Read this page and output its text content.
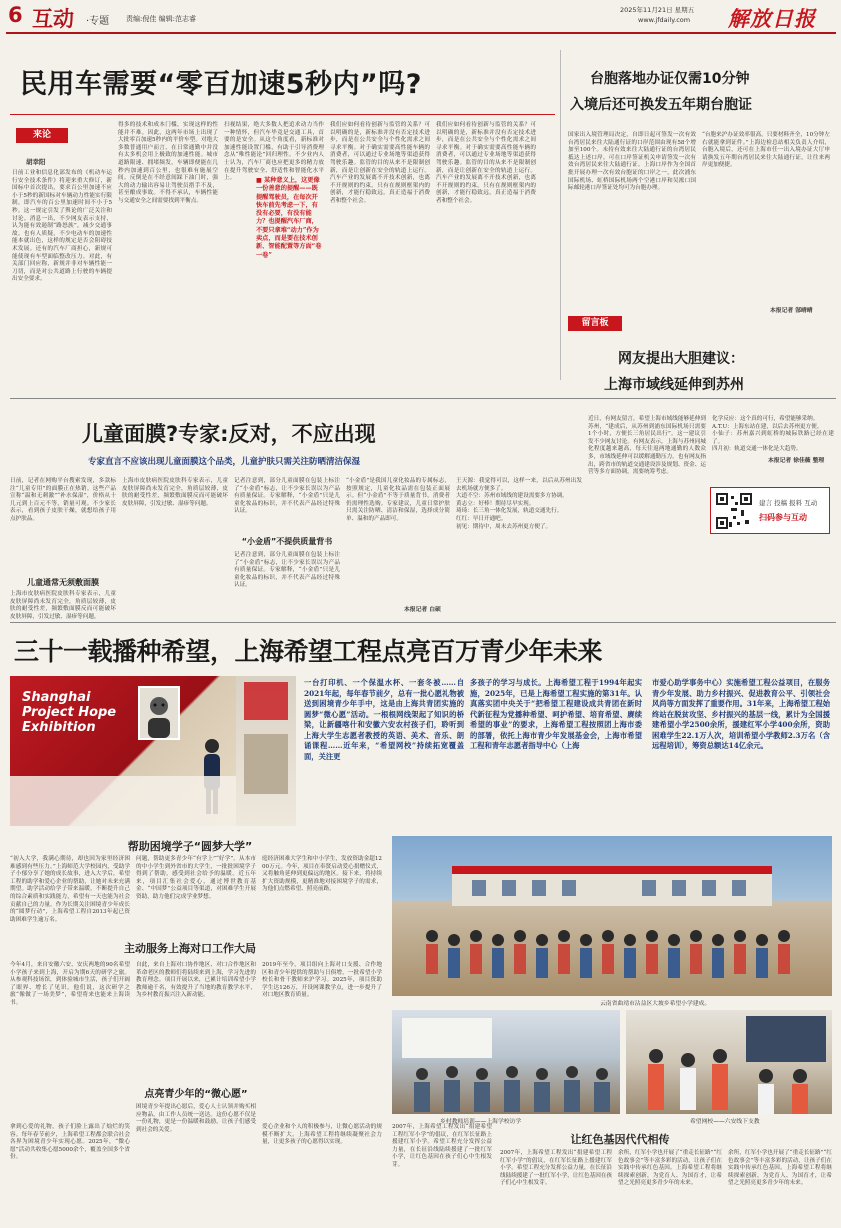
6 互动 ·专题 责编:倪佳 编辑:范志睿
2025年11月21日 星期五
www.jfdaily.com 解放日报
民用车需要“零百加速5秒内”吗?
来论
胡幸阳
日前工业和信息化部发布的《机动车运行安全技术条件》将迎来重大修订，新国标中首次提出，要求百公里加速不应小于5秒的新国标对车辆动力性能实行限制，即汽车的百公里加速时间不小于5秒。这一规定引发了舆论的广泛关注和讨论。消息一出，不少网友表示支持，认为能有效遏制“路怒族”，减少交通事故。也有人质疑，不少电动车的加速性能本就出色，这样的规定是否会阻碍技术发展。还有的汽车厂商担心，新规可能使现有车型面临整改压力。对此，有关部门回应称，新规并非对车辆性能一刀切，而是对公共道路上行驶的车辆提出安全要求。
得多的技术和成本门槛，实现这样的性能并不难。因此，这两年市场上出现了大批零百加速5秒内的平价车型。对绝大多数普通用户而言，在日常通勤中并没有太多机会用上极致的加速性能。城市道路限速、拥堵频发，车辆即便能在几秒内加速到百公里，也很难有施展空间。反倒是在不经意间踩下油门时，强大的动力输出容易让驾驶员措手不及，甚至酿成事故。不得不承认，车辆性能与交通安全之间需要找到平衡点。
扫视结果，绝大多数人把追求动力当作一种情怀，但汽车毕竟是交通工具，首要的是安全。从这个角度看，新标准对加速性能设置门槛，有助于引导消费理念从“唯性能论”回归理性。不少业内人士认为，汽车厂商也应把更多的精力放在提升驾驶安全、舒适性和智能化水平上。	■ 某种意义上，这更像一份善意的提醒——既提醒驾驶员，在每次开快车前先考虑一下，有没有必要，有没有能力？也提醒汽车厂商，不要只拿堆“动力”作为卖点，而是要在技术创新、智能配置等方面“卷一卷”
我们应如何看待创新与监管的关系？可以明确的是，新标准并没有否定技术进步，而是在公共安全与个性化需求之间寻求平衡。对于确实需要高性能车辆的消费者，可以通过专业场地等渠道获得驾驶乐趣。监管的目的从来不是限制创新，而是让创新在安全的轨道上运行。汽车产业的发展离不开技术创新，也离不开规则的约束。只有在规则框架内的创新，才能行稳致远，真正造福于消费者和整个社会。
我们应如何看待创新与监管的关系？可以明确的是，新标准并没有否定技术进步，而是在公共安全与个性化需求之间寻求平衡。对于确实需要高性能车辆的消费者，可以通过专业场地等渠道获得驾驶乐趣。监管的目的从来不是限制创新，而是让创新在安全的轨道上运行。汽车产业的发展离不开技术创新，也离不开规则的约束。只有在规则框架内的创新，才能行稳致远，真正造福于消费者和整个社会。
台胞落地办证仅需10分钟
入境后还可换发五年期台胞证
国家出入境管理局决定，自即日起可签发一次有效台湾居民来往大陆通行证的口岸范围由现有58个增加至100个。未持有效来往大陆通行证的台湾居民抵达上述口岸，可在口岸签证机关申请签发一次有效台湾居民来往大陆通行证。上海口岸作为全国首批开展办理一次有效台胞证的口岸之一，此次浦东国际机场、虹桥国际机场两个空港口岸和吴淞口国际邮轮港口岸签证处均可为台胞办理。
“台胞来沪办证效率很高，只要材料齐全，10分钟左右就能拿到证件。”上海边检总站相关负责人介绍，台胞入境后，还可在上海市任一出入境办证大厅申请换发五年期台湾居民来往大陆通行证，让往来两岸更加便捷。
本报记者 郜晴晴
留言板
网友提出大胆建议：
上海市域线延伸到苏州
近日，有网友留言，希望上海市域线能够延伸到苏州，“建成后，从苏州到浦东国际机场只需要1个小时，方便长三角居民出行”。这一建议引发不少网友讨论。有网友表示，上海与苏州同城化程度越来越高，每天往返两地通勤的人数众多，市域线延伸可以缓解通勤压力。也有网友指出，跨省市的轨道交通建设涉及规划、资金、运营等多方面协调，需要统筹考虑。
化学反应：这个真的可行，希望能够采纳。
A.T.U：上海东站在建，以后去苏州更方便。
小仙子：苏州嘉兴到虹桥的城际铁路已经在建了。
四月初：轨道交通一体化是大趋势。
本报记者 徐佳薇 整理
建言 投稿 报料 互动
扫码参与互动
儿童面膜?专家:反对，不应出现
专家直言不应该出现儿童面膜这个品类，儿童护肤只需关注防晒清洁保湿
日前，记者在网购平台搜索发现，多款标注“儿童专用”的面膜正在热销。这些产品宣称“温和无刺激”“补水保湿”，价格从十几元到上百元不等，销量可观。不少家长表示，看到孩子皮肤干燥，就想给孩子用点护肤品。
儿童通常无须敷面膜
上海市皮肤病医院皮肤科专家表示，儿童皮肤屏障尚未发育完全，角质层较薄，皮肤的耐受性差，频繁敷面膜反而可能破坏皮肤屏障，引发过敏、湿疹等问题。
上海市皮肤病医院皮肤科专家表示，儿童皮肤屏障尚未发育完全，角质层较薄，皮肤的耐受性差，频繁敷面膜反而可能破坏皮肤屏障，引发过敏、湿疹等问题。
记者注意到，部分儿童面膜在包装上标注了“小金盾”标志，让不少家长误以为产品有质量保证。专家解释，“小金盾”只是儿童化妆品的标识，并不代表产品经过特殊认证。
“小金盾”不提供质量背书
记者注意到，部分儿童面膜在包装上标注了“小金盾”标志，让不少家长误以为产品有质量保证。专家解释，“小金盾”只是儿童化妆品的标识，并不代表产品经过特殊认证。
“小金盾”是我国儿童化妆品的专属标志，按照规定，儿童化妆品需在包装正面展示。但“小金盾”不等于质量背书，消费者仍需理性选购。专家建议，儿童日常护肤只需关注防晒、清洁和保湿，选择成分简单、温和的产品即可。
本报记者 白硕
王天源：我觉得可以，这样一来，以后从苏州出发去机场就方便多了。
大道不空：苏州市域线的建设需要多方协调。
黄志立：好棒！期待尽早实现。
琦琦：长三角一体化发展，轨道交通先行。
红红：早日开通吧。
初见：期待中，周末去苏州更方便了。
三十一载播种希望，上海希望工程点亮百万青少年未来
Shanghai Project Hope Exhibition
一台打印机、一个保温水杯、一套冬被……自2021年起，每年春节前夕，总有一批心愿礼物被送到困境青少年手中，这是由上海共青团实施的圆梦“微心愿”活动。一根根网线架起了知识的桥梁，让新疆喀什和安徽六安农村孩子们，聆听到上海大学生志愿者教授的英语、美术、音乐、朗诵课程……近年来，“希望网校”持续拓宽覆盖面，关注更
多孩子的学习与成长。上海希望工程于1994年起实施，2025年，已是上海希望工程实施的第31年。认真落实团中央关于“把希望工程建设成共青团在新时代新征程为党播种希望、呵护希望、培育希望、赓续希望的事业”的要求，上海希望工程按照团上海市委的部署，依托上海市青少年发展基金会，上海市希望工程和青年志愿者指导中心（上海
市爱心助学事务中心）实施希望工程公益项目，在服务青少年发展、助力乡村振兴、促进教育公平、引领社会风尚等方面发挥了重要作用。31年来，上海希望工程始终站在脱贫攻坚、乡村振兴的基层一线，累计为全国援建希望小学2500余所，援建红军小学400余所，资助困难学生22.1万人次，培训希望小学教师2.3万名（含远程培训），筹资总额达14亿余元。
帮助困境学子“圆梦大学”
“初入大学，我满心期待，却也因为家里经济困难感到有些压力。”上海师范大学校园内，受助学子小郁分享了她的成长故事，进入大学后，希望工程的助学和爱心企业的帮助，让她对未来充满期望。助学活动给学子带来温暖，不断提升自己的综合素质和实践能力，希望有一天也能为社会贡献自己的力量。作为长期关注困境青少年成长的“圆梦行动”，上海希望工程自2013年起已资助困难学生逾万名。
问题，帮助更多青少年“有学上”“好学”。从本市的中小学生到外省市的大学生，一批批困境学子得到了帮助，感受到社会给予的温暖。近五年来，项目汇集社会爱心，通过博世教育基金、“中国梦”公益项目等渠道，对困难学生开展资助，助力他们完成学业梦想。
庭经济困难大学生和中小学生，发放资助金超1200万元。今年，项目在奉贤启动爱心捐赠仪式，又将触角延伸到更偏远的地区。接下来，将持续扩大资助规模，更精准地对接困境学子的需求，为他们点燃希望、照亮前路。
主动服务上海对口工作大局
今年4月，来自安徽六安、安庆两地的90名希望小学孩子来到上海，开启为期6天的研学之旅。从参观科技场馆，到体验城市生活，孩子们开阔了眼界、增长了见识。他们说，这次研学之旅“像做了一场美梦”，希望将来也能来上海读书。
自此，来自上海对口协作地区、对口合作地区和革命老区的教师们将陆续来到上海，学习先进的教育理念。项目开展以来，已累计培训希望小学教师逾千名，有效提升了当地的教育教学水平，为乡村教育振兴注入新动能。
2019年至今，项目组向上海对口支援、合作地区和青少年提供的帮助与日俱增，一批希望小学校长和骨干教师来沪学习。2025年，项目资助学生达126万，开设网课教学点，进一步提升了对口地区教育质量。
点亮青少年的“微心愿”
拿到心爱的礼物，孩子们脸上露出了灿烂的笑容。每年春节前夕，上海希望工程都会联合社会各界为困境青少年实现心愿。2025年，“微心愿”活动共收集心愿5000余个，覆盖全国多个省份。
困境青少年提出心愿后，爱心人士认领并购买相应物品，由工作人员统一送达。这份心愿不仅是一份礼物，更是一份温暖和鼓励，让孩子们感受到社会的关爱。	爱心企业和个人的积极参与，让微心愿活动的规模不断扩大。上海希望工程将继续凝聚社会力量，让更多孩子的心愿得以实现。
云南省曲靖市沾益区大坡乡希望小学建成。
乡村教师培训——上海学校访学	希望网校——六安线下支教
让红色基因代代相传
2007年，上海希望工程发出“捐建希望工程红军小学”的倡议，在红军长征路上援建红军小学。希望工程充分发挥公益力量，在长征沿线陆续援建了一批红军小学，让红色基因在孩子们心中生根发芽。
2007年，上海希望工程发出“捐建希望工程红军小学”的倡议，在红军长征路上援建红军小学。希望工程充分发挥公益力量，在长征沿线陆续援建了一批红军小学，让红色基因在孩子们心中生根发芽。
余所，红军小学也开展了“重走长征路”“红色故事会”等丰富多彩的活动，让孩子们在实践中传承红色基因。上海希望工程将继续探索创新，为党育人、为国育才，让希望之光照亮更多青少年的未来。
余所，红军小学也开展了“重走长征路”“红色故事会”等丰富多彩的活动，让孩子们在实践中传承红色基因。上海希望工程将继续探索创新，为党育人、为国育才，让希望之光照亮更多青少年的未来。
